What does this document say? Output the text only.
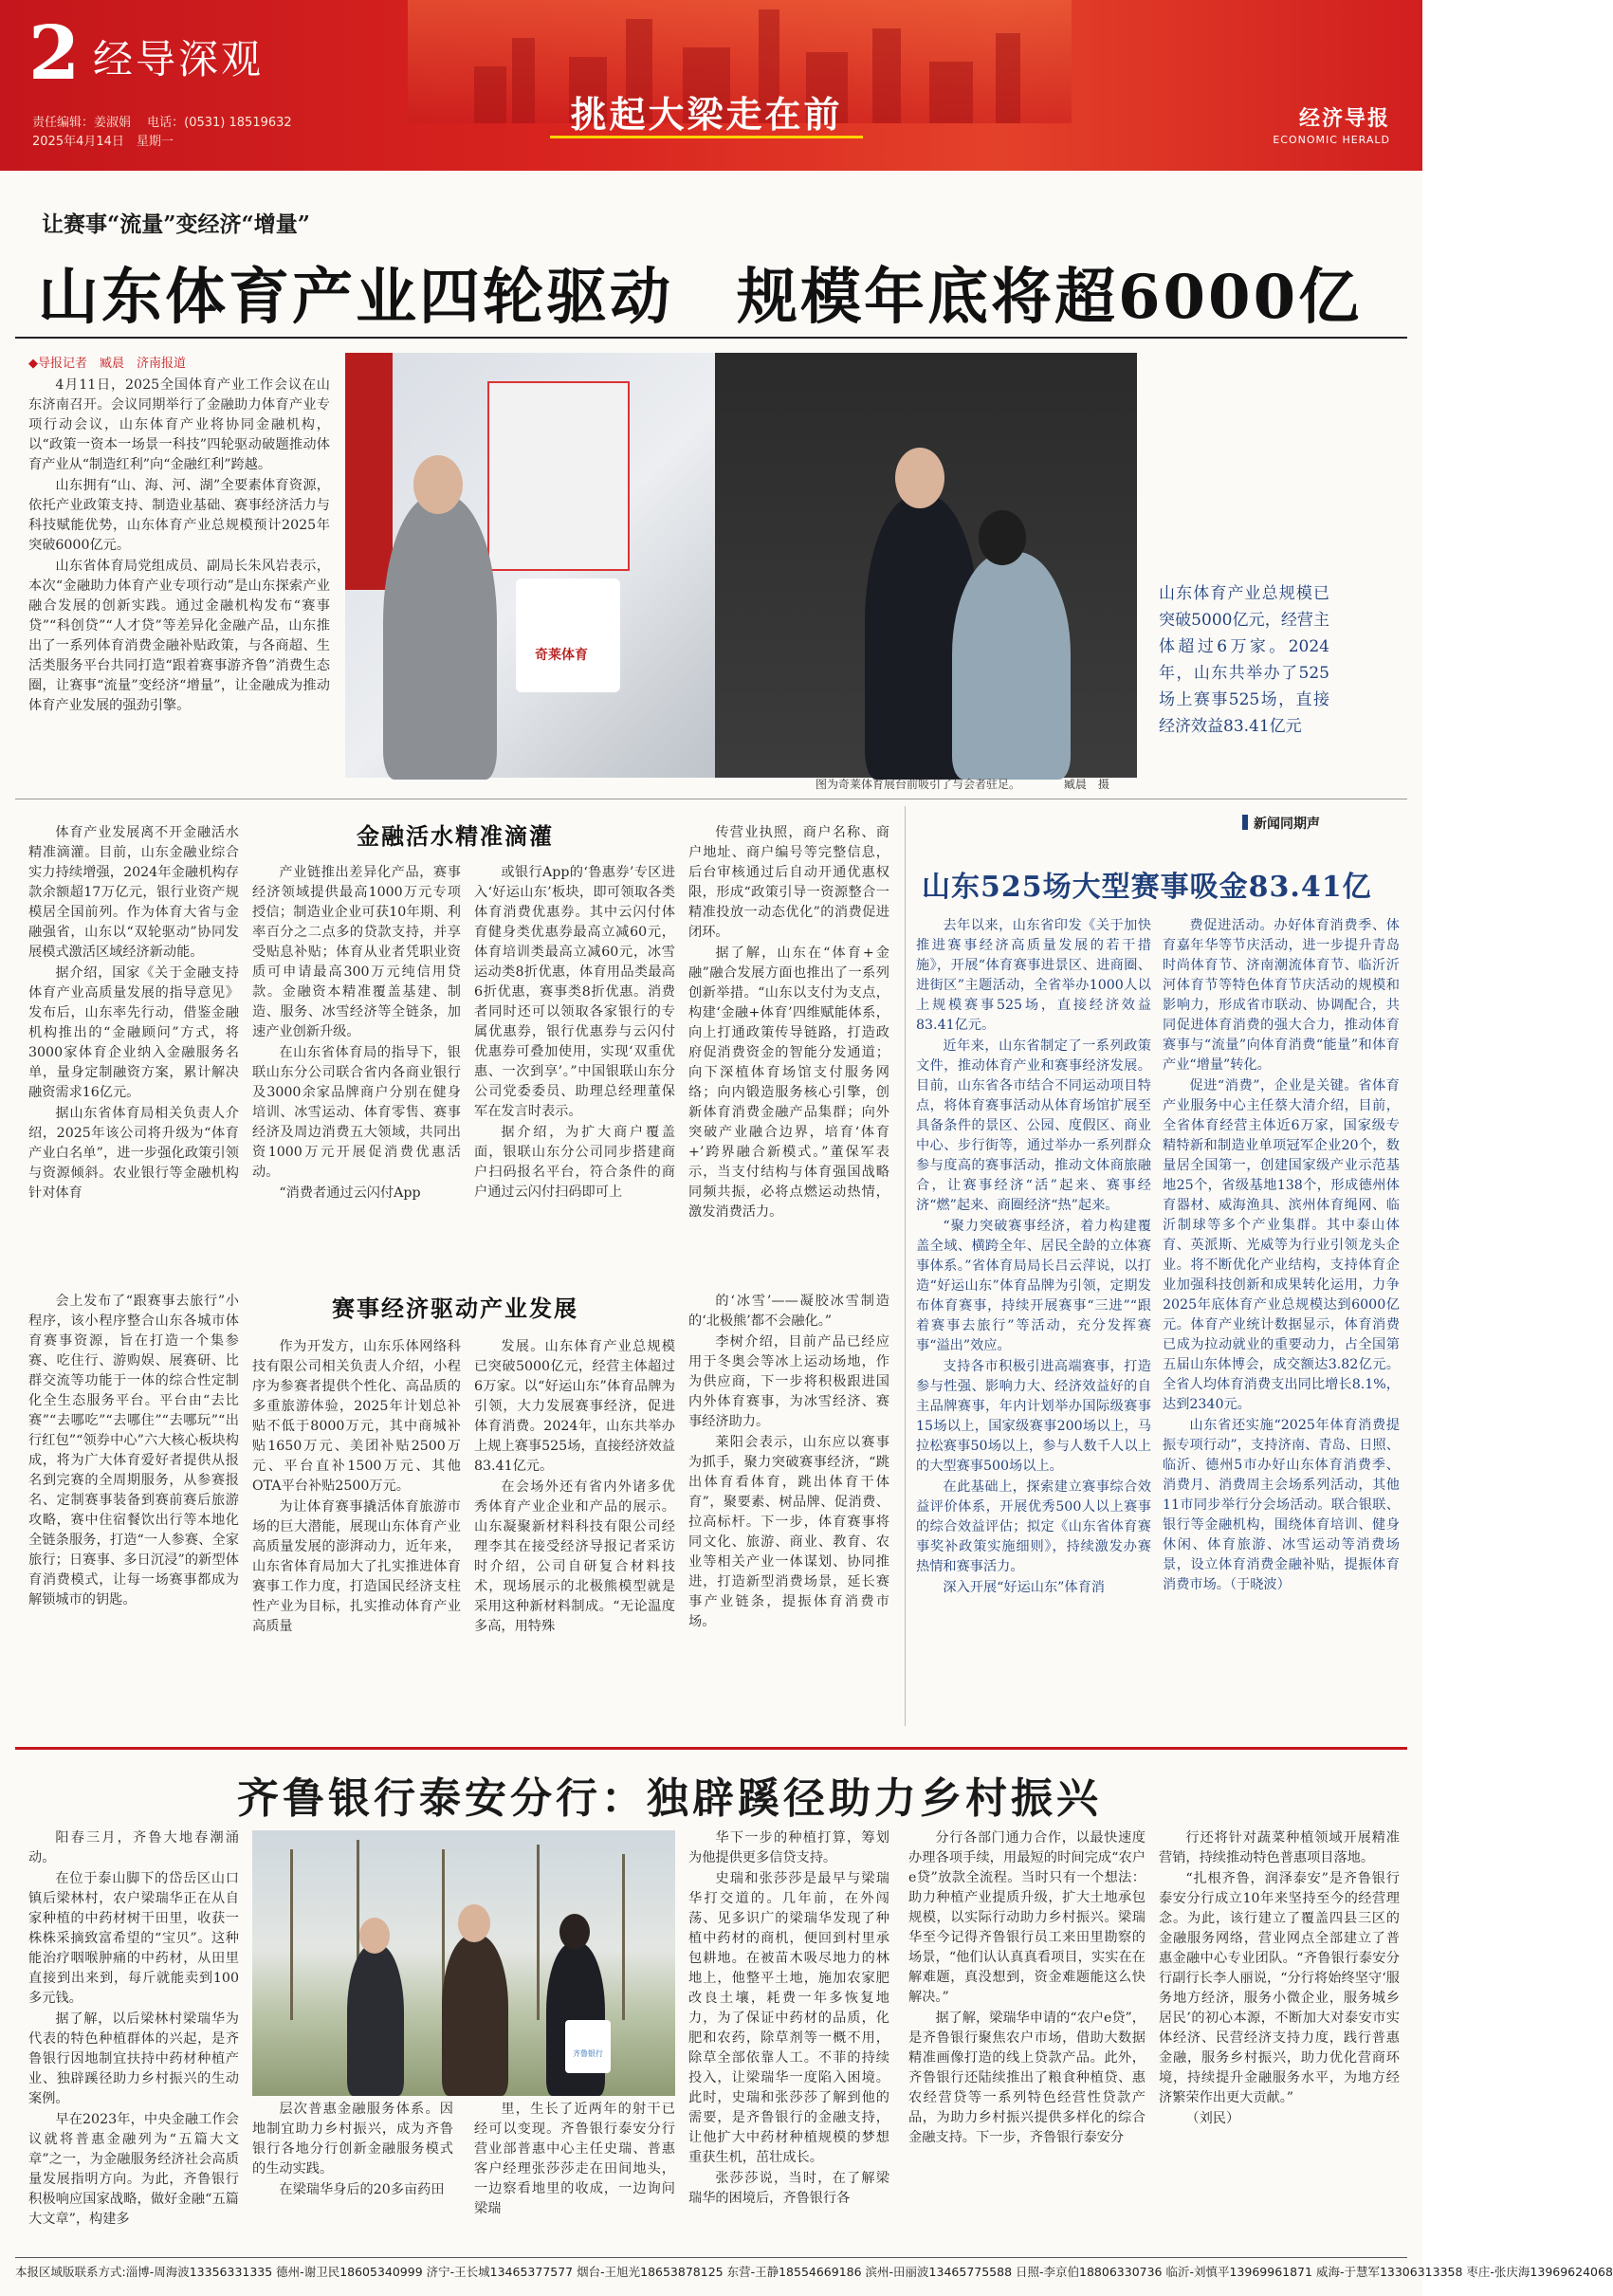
2 经导深观
责任编辑：姜淑娟　 电话：(0531) 18519632
2025年4月14日　星期一
挑起大梁走在前	经济导报
ECONOMIC HERALD
让赛事“流量”变经济“增量”
山东体育产业四轮驱动　规模年底将超6000亿
◆导报记者　臧晨　济南报道

4月11日，2025全国体育产业工作会议在山东济南召开。会议同期举行了金融助力体育产业专项行动会议，山东体育产业将协同金融机构，以“政策一资本一场景一科技”四轮驱动破题推动体育产业从“制造红利”向“金融红利”跨越。

山东拥有“山、海、河、湖”全要素体育资源，依托产业政策支持、制造业基础、赛事经济活力与科技赋能优势，山东体育产业总规模预计2025年突破6000亿元。

山东省体育局党组成员、副局长朱风岩表示，本次“金融助力体育产业专项行动”是山东探索产业融合发展的创新实践。通过金融机构发布“赛事贷”“科创贷”“人才贷”等差异化金融产品，山东推出了一系列体育消费金融补贴政策，与各商超、生活类服务平台共同打造“跟着赛事游齐鲁”消费生态圈，让赛事“流量”变经济“增量”，让金融成为推动体育产业发展的强劲引擎。

奇莱体育
图为奇莱体育展台前吸引了与会者驻足。　　　　	臧晨　摄
山东体育产业总规模已突破5000亿元，经营主体超过6万家。2024年，山东共举办了525场上赛事525场，直接经济效益83.41亿元
金融活水精准滴灌

体育产业发展离不开金融活水精准滴灌。目前，山东金融业综合实力持续增强，2024年金融机构存款余额超17万亿元，银行业资产规模居全国前列。作为体育大省与金融强省，山东以“双轮驱动”协同发展模式激活区域经济新动能。

据介绍，国家《关于金融支持体育产业高质量发展的指导意见》发布后，山东率先行动，借鉴金融机构推出的“金融顾问”方式，将3000家体育企业纳入金融服务名单，量身定制融资方案，累计解决融资需求16亿元。

据山东省体育局相关负责人介绍，2025年该公司将升级为“体育产业白名单”，进一步强化政策引领与资源倾斜。农业银行等金融机构针对体育

产业链推出差异化产品，赛事经济领域提供最高1000万元专项授信；制造业企业可获10年期、利率百分之二点多的贷款支持，并享受贴息补贴；体育从业者凭职业资质可申请最高300万元纯信用贷款。金融资本精准覆盖基建、制造、服务、冰雪经济等全链条，加速产业创新升级。

在山东省体育局的指导下，银联山东分公司联合省内各商业银行及3000余家品牌商户分别在健身培训、冰雪运动、体育零售、赛事经济及周边消费五大领域，共同出资1000万元开展促消费优惠活动。

“消费者通过云闪付App

或银行App的‘鲁惠券’专区进入‘好运山东’板块，即可领取各类体育消费优惠券。其中云闪付体育健身类优惠券最高立减60元，体育培训类最高立减60元，冰雪运动类8折优惠，体育用品类最高6折优惠，赛事类8折优惠。消费者同时还可以领取各家银行的专属优惠券，银行优惠券与云闪付优惠券可叠加使用，实现‘双重优惠、一次到享’。”中国银联山东分公司党委委员、助理总经理董保军在发言时表示。

据介绍，为扩大商户覆盖面，银联山东分公司同步搭建商户扫码报名平台，符合条件的商户通过云闪付扫码即可上

传营业执照，商户名称、商户地址、商户编号等完整信息，后台审核通过后自动开通优惠权限，形成“政策引导一资源整合一精准投放一动态优化”的消费促进闭环。

据了解，山东在“体育+金融”融合发展方面也推出了一系列创新举措。“山东以支付为支点，构建‘金融+体育’四维赋能体系，向上打通政策传导链路，打造政府促消费资金的智能分发通道；向下深植体育场馆支付服务网络；向内锻造服务核心引擎，创新体育消费金融产品集群；向外突破产业融合边界，培育‘体育+’跨界融合新模式。”董保军表示，当支付结构与体育强国战略同频共振，必将点燃运动热情，激发消费活力。

赛事经济驱动产业发展

会上发布了“跟赛事去旅行”小程序，该小程序整合山东各城市体育赛事资源，旨在打造一个集参赛、吃住行、游购娱、展赛研、比群交流等功能于一体的综合性定制化全生态服务平台。平台由“去比赛”“去哪吃”“去哪住”“去哪玩”“出行红包”“领券中心”六大核心板块构成，将为广大体育爱好者提供从报名到完赛的全周期服务，从参赛报名、定制赛事装备到赛前赛后旅游攻略，赛中住宿餐饮出行等本地化全链条服务，打造“一人参赛、全家旅行；日赛事、多日沉浸”的新型体育消费模式，让每一场赛事都成为解锁城市的钥匙。

作为开发方，山东乐体网络科技有限公司相关负责人介绍，小程序为参赛者提供个性化、高品质的多重旅游体验，2025年计划总补贴不低于8000万元，其中商城补贴1650万元、美团补贴2500万元、平台直补1500万元、其他OTA平台补贴2500万元。

为让体育赛事撬活体育旅游市场的巨大潜能，展现山东体育产业高质量发展的澎湃动力，近年来，山东省体育局加大了扎实推进体育赛事工作力度，打造国民经济支柱性产业为目标，扎实推动体育产业高质量

发展。山东体育产业总规模已突破5000亿元，经营主体超过6万家。以“好运山东”体育品牌为引领，大力发展赛事经济，促进体育消费。2024年，山东共举办上规上赛事525场，直接经济效益83.41亿元。

在会场外还有省内外诸多优秀体育产业企业和产品的展示。山东凝聚新材料科技有限公司经理李其在接受经济导报记者采访时介绍，公司自研复合材料技术，现场展示的北极熊模型就是采用这种新材料制成。“无论温度多高，用特殊

的‘冰雪’——凝胶冰雪制造的‘北极熊’都不会融化。”

李树介绍，目前产品已经应用于冬奥会等冰上运动场地，作为供应商，下一步将积极跟进国内外体育赛事，为冰雪经济、赛事经济助力。

莱阳会表示，山东应以赛事为抓手，聚力突破赛事经济，“跳出体育看体育，跳出体育干体育”，聚要素、树品牌、促消费、拉高标杆。下一步，体育赛事将同文化、旅游、商业、教育、农业等相关产业一体谋划、协同推进，打造新型消费场景，延长赛事产业链条，提振体育消费市场。

新闻同期声
山东525场大型赛事吸金83.41亿

去年以来，山东省印发《关于加快推进赛事经济高质量发展的若干措施》，开展“体育赛事进景区、进商圈、进街区”主题活动，全省举办1000人以上规模赛事525场，直接经济效益83.41亿元。

近年来，山东省制定了一系列政策文件，推动体育产业和赛事经济发展。目前，山东省各市结合不同运动项目特点，将体育赛事活动从体育场馆扩展至具备条件的景区、公园、度假区、商业中心、步行街等，通过举办一系列群众参与度高的赛事活动，推动文体商旅融合，让赛事经济“活”起来、赛事经济“燃”起来、商圈经济“热”起来。

“聚力突破赛事经济，着力构建覆盖全域、横跨全年、居民全龄的立体赛事体系。”省体育局局长吕云萍说，以打造“好运山东”体育品牌为引领，定期发布体育赛事，持续开展赛事“三进”“跟着赛事去旅行”等活动，充分发挥赛事“溢出”效应。

支持各市积极引进高端赛事，打造参与性强、影响力大、经济效益好的自主品牌赛事，年内计划举办国际级赛事15场以上，国家级赛事200场以上，马拉松赛事50场以上，参与人数千人以上的大型赛事500场以上。

在此基础上，探索建立赛事综合效益评价体系，开展优秀500人以上赛事的综合效益评估；拟定《山东省体育赛事奖补政策实施细则》，持续激发办赛热情和赛事活力。

深入开展“好运山东”体育消

费促进活动。办好体育消费季、体育嘉年华等节庆活动，进一步提升青岛时尚体育节、济南潮流体育节、临沂沂河体育节等特色体育节庆活动的规模和影响力，形成省市联动、协调配合，共同促进体育消费的强大合力，推动体育赛事与“流量”向体育消费“能量”和体育产业“增量”转化。

促进“消费”，企业是关键。省体育产业服务中心主任蔡大清介绍，目前，全省体育经营主体近6万家，国家级专精特新和制造业单项冠军企业20个，数量居全国第一，创建国家级产业示范基地25个，省级基地138个，形成德州体育器材、威海渔具、滨州体育绳网、临沂制球等多个产业集群。其中泰山体育、英派斯、光威等为行业引领龙头企业。将不断优化产业结构，支持体育企业加强科技创新和成果转化运用，力争2025年底体育产业总规模达到6000亿元。体育产业统计数据显示，体育消费已成为拉动就业的重要动力，占全国第五届山东体博会，成交额达3.82亿元。全省人均体育消费支出同比增长8.1%，达到2340元。

山东省还实施“2025年体育消费提振专项行动”，支持济南、青岛、日照、临沂、德州5市办好山东体育消费季、消费月、消费周主会场系列活动，其他11市同步举行分会场活动。联合银联、银行等金融机构，围绕体育培训、健身休闲、体育旅游、冰雪运动等消费场景，设立体育消费金融补贴，提振体育消费市场。（于晓波）

齐鲁银行泰安分行：独辟蹊径助力乡村振兴

阳春三月，齐鲁大地春潮涌动。

在位于泰山脚下的岱岳区山口镇后梁林村，农户梁瑞华正在从自家种植的中药材树干田里，收获一株株采摘致富希望的“宝贝”。这种能治疗咽喉肿痛的中药材，从田里直接到出来到，每斤就能卖到100多元钱。

据了解，以后梁林村梁瑞华为代表的特色种植群体的兴起，是齐鲁银行因地制宜扶持中药材种植产业、独辟蹊径助力乡村振兴的生动案例。

早在2023年，中央金融工作会议就将普惠金融列为“五篇大文章”之一，为金融服务经济社会高质量发展指明方向。为此，齐鲁银行积极响应国家战略，做好金融“五篇大文章”，构建多

齐鲁银行

层次普惠金融服务体系。因地制宜助力乡村振兴，成为齐鲁银行各地分行创新金融服务模式的生动实践。

在梁瑞华身后的20多亩药田

里，生长了近两年的射干已经可以变现。齐鲁银行泰安分行营业部普惠中心主任史瑞、普惠客户经理张莎莎走在田间地头，一边察看地里的收成，一边询问梁瑞

华下一步的种植打算，筹划为他提供更多信贷支持。

史瑞和张莎莎是最早与梁瑞华打交道的。几年前，在外闯荡、见多识广的梁瑞华发现了种植中药材的商机，便回到村里承包耕地。在被苗木吸尽地力的林地上，他整平土地，施加农家肥改良土壤，耗费一年多恢复地力，为了保证中药材的品质，化肥和农药，除草剂等一概不用，除草全部依靠人工。不菲的持续投入，让梁瑞华一度陷入困境。此时，史瑞和张莎莎了解到他的需要，是齐鲁银行的金融支持，让他扩大中药材种植规模的梦想重获生机，茁壮成长。

张莎莎说，当时，在了解梁瑞华的困境后，齐鲁银行各

分行各部门通力合作，以最快速度办理各项手续，用最短的时间完成“农户e贷”放款全流程。当时只有一个想法：助力种植产业提质升级，扩大土地承包规模，以实际行动助力乡村振兴。梁瑞华至今记得齐鲁银行员工来田里勘察的场景，“他们认认真真看项目，实实在在解难题，真没想到，资金难题能这么快解决。”

据了解，梁瑞华申请的“农户e贷”，是齐鲁银行聚焦农户市场，借助大数据精准画像打造的线上贷款产品。此外，齐鲁银行还陆续推出了粮食种植贷、惠农经营贷等一系列特色经营性贷款产品，为助力乡村振兴提供多样化的综合金融支持。下一步，齐鲁银行泰安分

行还将针对蔬菜种植领域开展精准营销，持续推动特色普惠项目落地。

“扎根齐鲁，润泽泰安”是齐鲁银行泰安分行成立10年来坚持至今的经营理念。为此，该行建立了覆盖四县三区的金融服务网络，营业网点全部建立了普惠金融中心专业团队。“齐鲁银行泰安分行副行长李人丽说，“分行将始终坚守‘服务地方经济，服务小微企业，服务城乡居民’的初心本源，不断加大对泰安市实体经济、民营经济支持力度，践行普惠金融，服务乡村振兴，助力优化营商环境，持续提升金融服务水平，为地方经济繁荣作出更大贡献。”

（刘民）

本报区域版联系方式:淄博-周海波13356331335 德州-谢卫民18605340999 济宁-王长城13465377577 烟台-王旭光18653878125 东营-王静18554669186 滨州-田丽波13465775588 日照-李京伯18806330736 临沂-刘慎平13969961871 威海-于慧军13306313358 枣庄-张庆海13969624068
